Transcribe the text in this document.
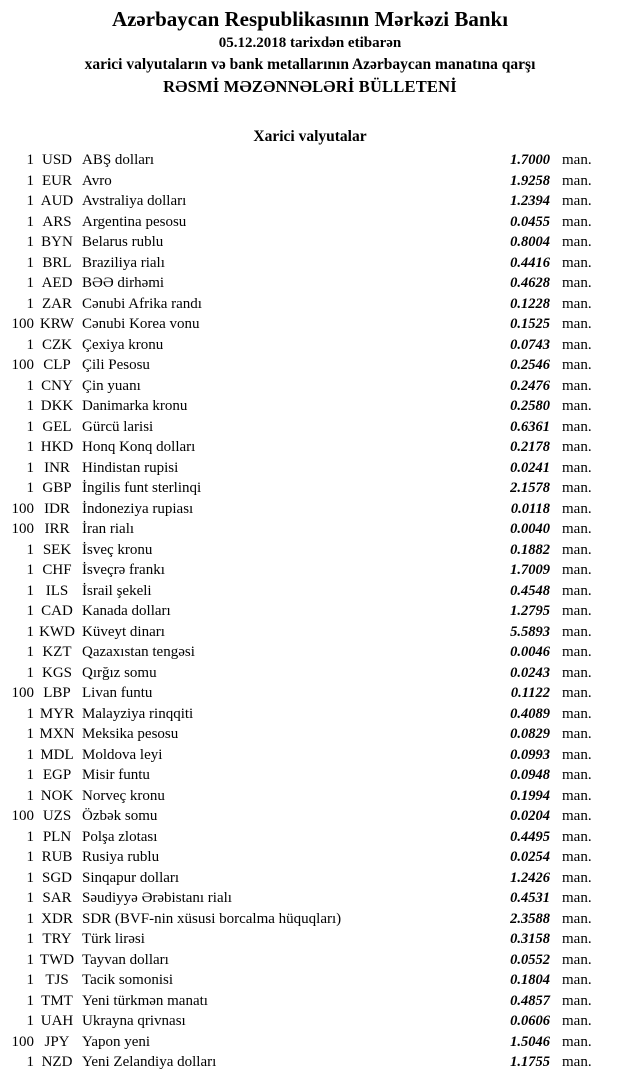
Azərbaycan Respublikasının Mərkəzi Bankı
05.12.2018 tarixdən etibarən
xarici valyutaların və bank metallarının Azərbaycan manatına qarşı
RƏSMİ MƏZƏNNƏLƏRİ BÜLLETENİ
Xarici valyutalar
1 USD ABŞ dolları	1.7000 man.
1 EUR Avro	1.9258 man.
1 AUD Avstraliya dolları	1.2394 man.
1 ARS Argentina pesosu	0.0455 man.
1 BYN Belarus rublu	0.8004 man.
1 BRL Braziliya rialı	0.4416 man.
1 AED BƏƏ dirhəmi	0.4628 man.
1 ZAR Cənubi Afrika randı	0.1228 man.
100 KRW Cənubi Korea vonu	0.1525 man.
1 CZK Çexiya kronu	0.0743 man.
100 CLP Çili Pesosu	0.2546 man.
1 CNY Çin yuanı	0.2476 man.
1 DKK Danimarka kronu	0.2580 man.
1 GEL Gürcü larisi	0.6361 man.
1 HKD Honq Konq dolları	0.2178 man.
1 INR Hindistan rupisi	0.0241 man.
1 GBP İngilis funt sterlinqi	2.1578 man.
100 IDR İndoneziya rupiası	0.0118 man.
100 IRR İran rialı	0.0040 man.
1 SEK İsveç kronu	0.1882 man.
1 CHF İsveçrə frankı	1.7009 man.
1 ILS İsrail şekeli	0.4548 man.
1 CAD Kanada dolları	1.2795 man.
1 KWD Küveyt dinarı	5.5893 man.
1 KZT Qazaxıstan tengəsi	0.0046 man.
1 KGS Qırğız somu	0.0243 man.
100 LBP Livan funtu	0.1122 man.
1 MYR Malayziya rinqqiti	0.4089 man.
1 MXN Meksika pesosu	0.0829 man.
1 MDL Moldova leyi	0.0993 man.
1 EGP Misir funtu	0.0948 man.
1 NOK Norveç kronu	0.1994 man.
100 UZS Özbək somu	0.0204 man.
1 PLN Polşa zlotası	0.4495 man.
1 RUB Rusiya rublu	0.0254 man.
1 SGD Sinqapur dolları	1.2426 man.
1 SAR Səudiyyə Ərəbistanı rialı	0.4531 man.
1 XDR SDR (BVF-nin xüsusi borcalma hüquqları)	2.3588 man.
1 TRY Türk lirəsi	0.3158 man.
1 TWD Tayvan dolları	0.0552 man.
1 TJS Tacik somonisi	0.1804 man.
1 TMT Yeni türkmən manatı	0.4857 man.
1 UAH Ukrayna qrivnası	0.0606 man.
100 JPY Yapon yeni	1.5046 man.
1 NZD Yeni Zelandiya dolları	1.1755 man.
